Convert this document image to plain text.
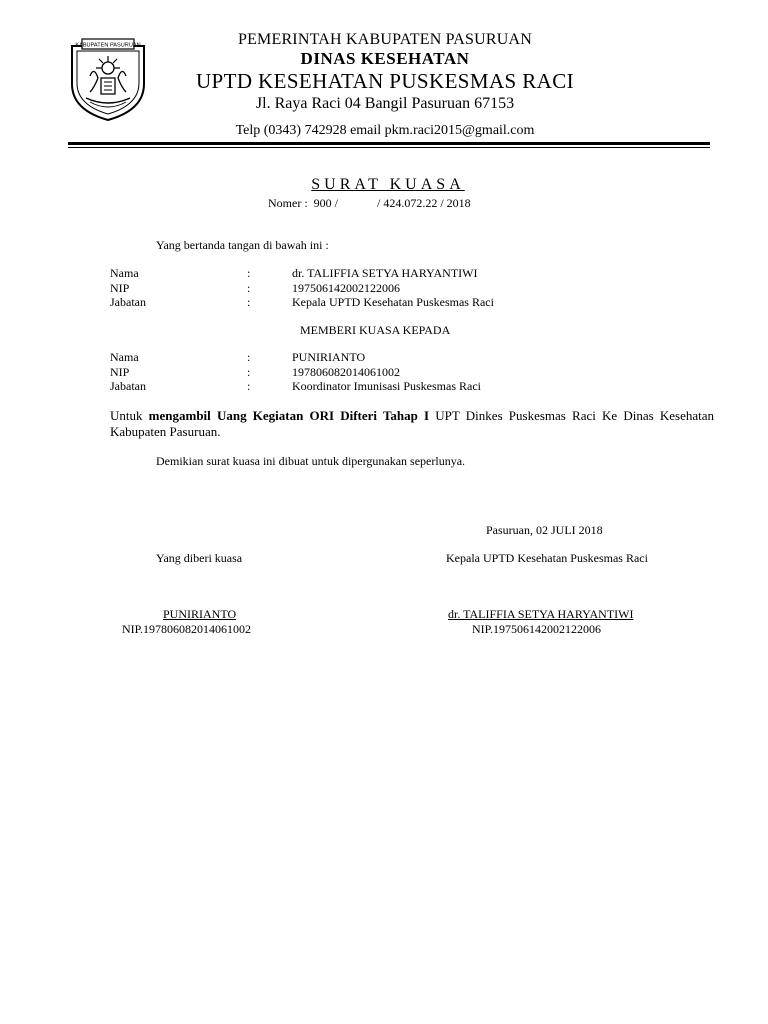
KABUPATEN PASURUAN	PEMERINTAH KABUPATEN PASURUAN
DINAS KESEHATAN
UPTD KESEHATAN PUSKESMAS RACI
Jl. Raya Raci 04 Bangil Pasuruan 67153
Telp (0343) 742928 email pkm.raci2015@gmail.com
SURAT KUASA
Nomer :  900 /             / 424.072.22 / 2018
Yang bertanda tangan di bawah ini :
Nama	:	dr. TALIFFIA SETYA HARYANTIWI
NIP	:	197506142002122006
Jabatan	:	Kepala UPTD Kesehatan Puskesmas Raci
MEMBERI KUASA KEPADA
Nama	:	PUNIRIANTO
NIP	:	197806082014061002
Jabatan	:	Koordinator Imunisasi Puskesmas Raci
Untuk mengambil Uang Kegiatan ORI Difteri Tahap I UPT Dinkes Puskesmas Raci Ke Dinas Kesehatan Kabupaten Pasuruan.
Demikian surat kuasa ini dibuat untuk dipergunakan seperlunya.
Pasuruan, 02 JULI 2018
Yang diberi kuasa	Kepala UPTD Kesehatan Puskesmas Raci
PUNIRIANTO	dr. TALIFFIA SETYA HARYANTIWI
NIP.197806082014061002	NIP.197506142002122006
